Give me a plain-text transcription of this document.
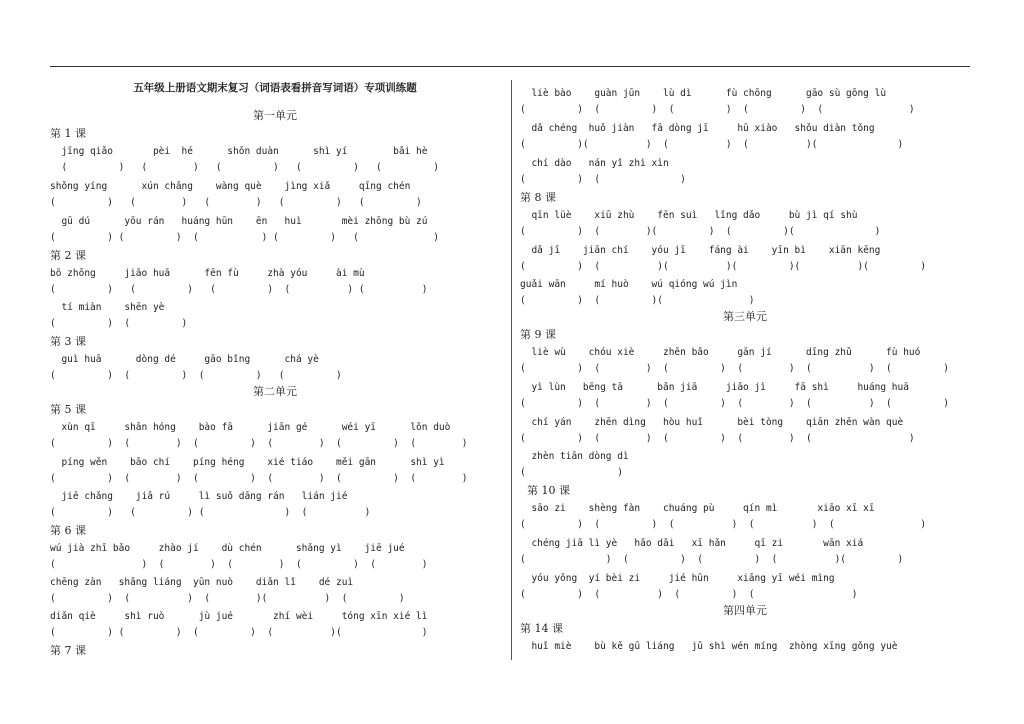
五年级上册语文期末复习（词语表看拼音写词语）专项训练题
第一单元
第 1 课
jīng qiǎo       pèi  hé      shǒn duàn      shì yí        bǎi hè
(         )   (        )   (         )   (         )   (         )
shǒng yíng      xún chǎng    wàng què    jìng xiǎ     qīng chén
(         )   (        )   (        )   (         )   (         )
gū dú      yōu rán   huáng hūn    ēn   huì       mèi zhōng bù zú
(         ) (         )  (           ) (         )   (             )
第 2 课
bō zhōng     jiāo huā      fēn fù     zhà yóu     ài mù
(         )   (         )   (         )  (          ) (          )
tí miàn    shēn yè
(         )  (         )
第 3 课
guì huā      dòng dé     gāo bǐng      chá yè
(         )  (         )  (         )   (         )
第二单元
第 5 课
xùn qī     shān hóng    bào fā      jiān gé      wéi yī      lǒn duò
(         )  (        )  (         )  (        )  (         )  (        )
píng wěn    bāo chí    píng héng    xié tiáo    měi gān      shì yì
(         )  (        )  (         )  (        )  (         )  (        )
jiē chǎng    jiǎ rú     lì suǒ dāng rán   lián jié
(         )   (         ) (              )  (          )
第 6 课
wú jià zhī bǎo     zhào jí    dù chén      shǎng yì    jiē jué
(               )  (        )  (        )  (         )  (        )
chēng zàn   shǎng liáng  yūn nuò    diǎn lǐ    dé zuì
(         )  (          )  (        )(          )  (         )
diǎn qiè     shì ruò      jù jué       zhí wèi     tóng xīn xié lì
(         ) (         )  (         )  (          )(              )
第 7 课
liè bào    guàn jūn    lù dì      fù chōng      gāo sù gōng lù
(         )  (         )  (         )  (         )  (               )
dǎ chéng  huǒ jiàn   fā dòng jī     hū xiào   shǒu diàn tǒng
(         )(          )  (          )  (          )(              )
chí dào   nán yǐ zhì xìn
(         )  (              )
第 8 课
qīn lüè    xiū zhù    fēn suì   lǐng dǎo     bù jì qí shù
(         )  (        )(         )  (         )(              )
dǎ jī    jiān chí    yóu jī    fáng ài    yīn bì    xiān kēng
(         )  (          )(          )(         )(          )(         )
guǎi wān     mí huò    wú qióng wú jìn
(         )  (         )(               )
第三单元
第 9 课
liè wù    chóu xiè     zhēn bǎo     gān jí      dīng zhǔ      fù huó
(         )  (        )  (         )  (        )  (          )  (         )
yì lùn   bēng tā      bǎn jiā     jiǎo jì     fā shì     huáng huā
(         )  (        )  (         )  (        )  (          )  (         )
chí yán    zhēn dìng   hòu huǐ      bèi tòng    qiān zhēn wàn què
(         )  (        )  (         )  (        )  (                 )
zhèn tiān dòng dì
(                )
第 10 课
sāo zi    shèng fàn    chuáng pù     qín mì       xiāo xī xī
(         )  (         )  (          )  (          )  (               )
chéng jiā lì yè   hǎo dǎi   xī hǎn     qī zi       wān xiá
(              )  (         )  (         )  (          )(         )
yóu yǒng  yí bèi zi     jié hūn     xiāng yī wéi mìng
(         )  (          )  (         )  (                 )
第四单元
第 14 课
huǐ miè    bù kě gū liáng   jǔ shì wén míng  zhòng xīng gǒng yuè
